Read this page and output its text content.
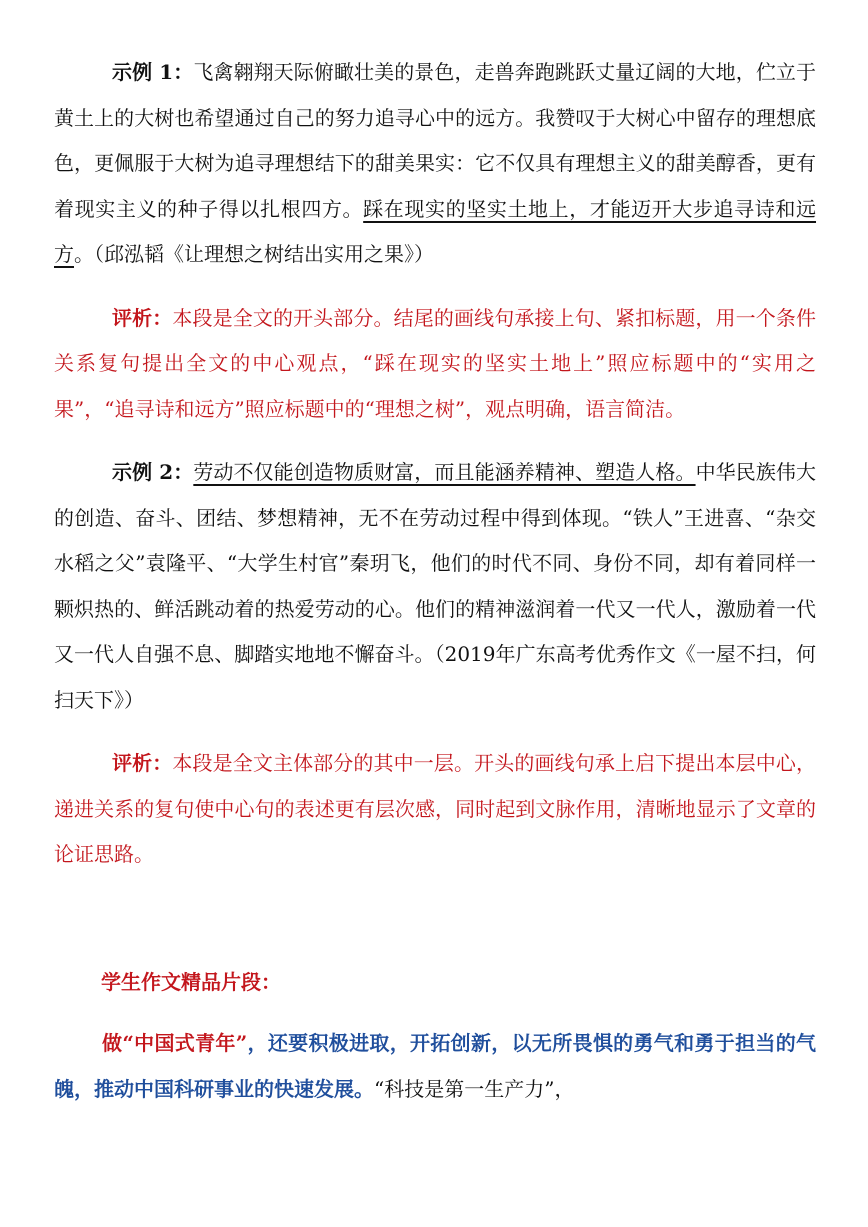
示例 1：飞禽翱翔天际俯瞰壮美的景色，走兽奔跑跳跃丈量辽阔的大地，伫立于黄土上的大树也希望通过自己的努力追寻心中的远方。我赞叹于大树心中留存的理想底色，更佩服于大树为追寻理想结下的甜美果实：它不仅具有理想主义的甜美醇香，更有着现实主义的种子得以扎根四方。踩在现实的坚实土地上，才能迈开大步追寻诗和远方。（邱泓韬《让理想之树结出实用之果》）

评析：本段是全文的开头部分。结尾的画线句承接上句、紧扣标题，用一个条件关系复句提出全文的中心观点，“踩在现实的坚实土地上”照应标题中的“实用之果”，“追寻诗和远方”照应标题中的“理想之树”，观点明确，语言简洁。

示例 2：劳动不仅能创造物质财富，而且能涵养精神、塑造人格。中华民族伟大的创造、奋斗、团结、梦想精神，无不在劳动过程中得到体现。“铁人”王进喜、“杂交水稻之父”袁隆平、“大学生村官”秦玥飞，他们的时代不同、身份不同，却有着同样一颗炽热的、鲜活跳动着的热爱劳动的心。他们的精神滋润着一代又一代人，激励着一代又一代人自强不息、脚踏实地地不懈奋斗。（2019年广东高考优秀作文《一屋不扫，何扫天下》）

评析：本段是全文主体部分的其中一层。开头的画线句承上启下提出本层中心，递进关系的复句使中心句的表述更有层次感，同时起到文脉作用，清晰地显示了文章的论证思路。

学生作文精品片段：

做“中国式青年”，还要积极进取，开拓创新，以无所畏惧的勇气和勇于担当的气魄，推动中国科研事业的快速发展。“科技是第一生产力”，
